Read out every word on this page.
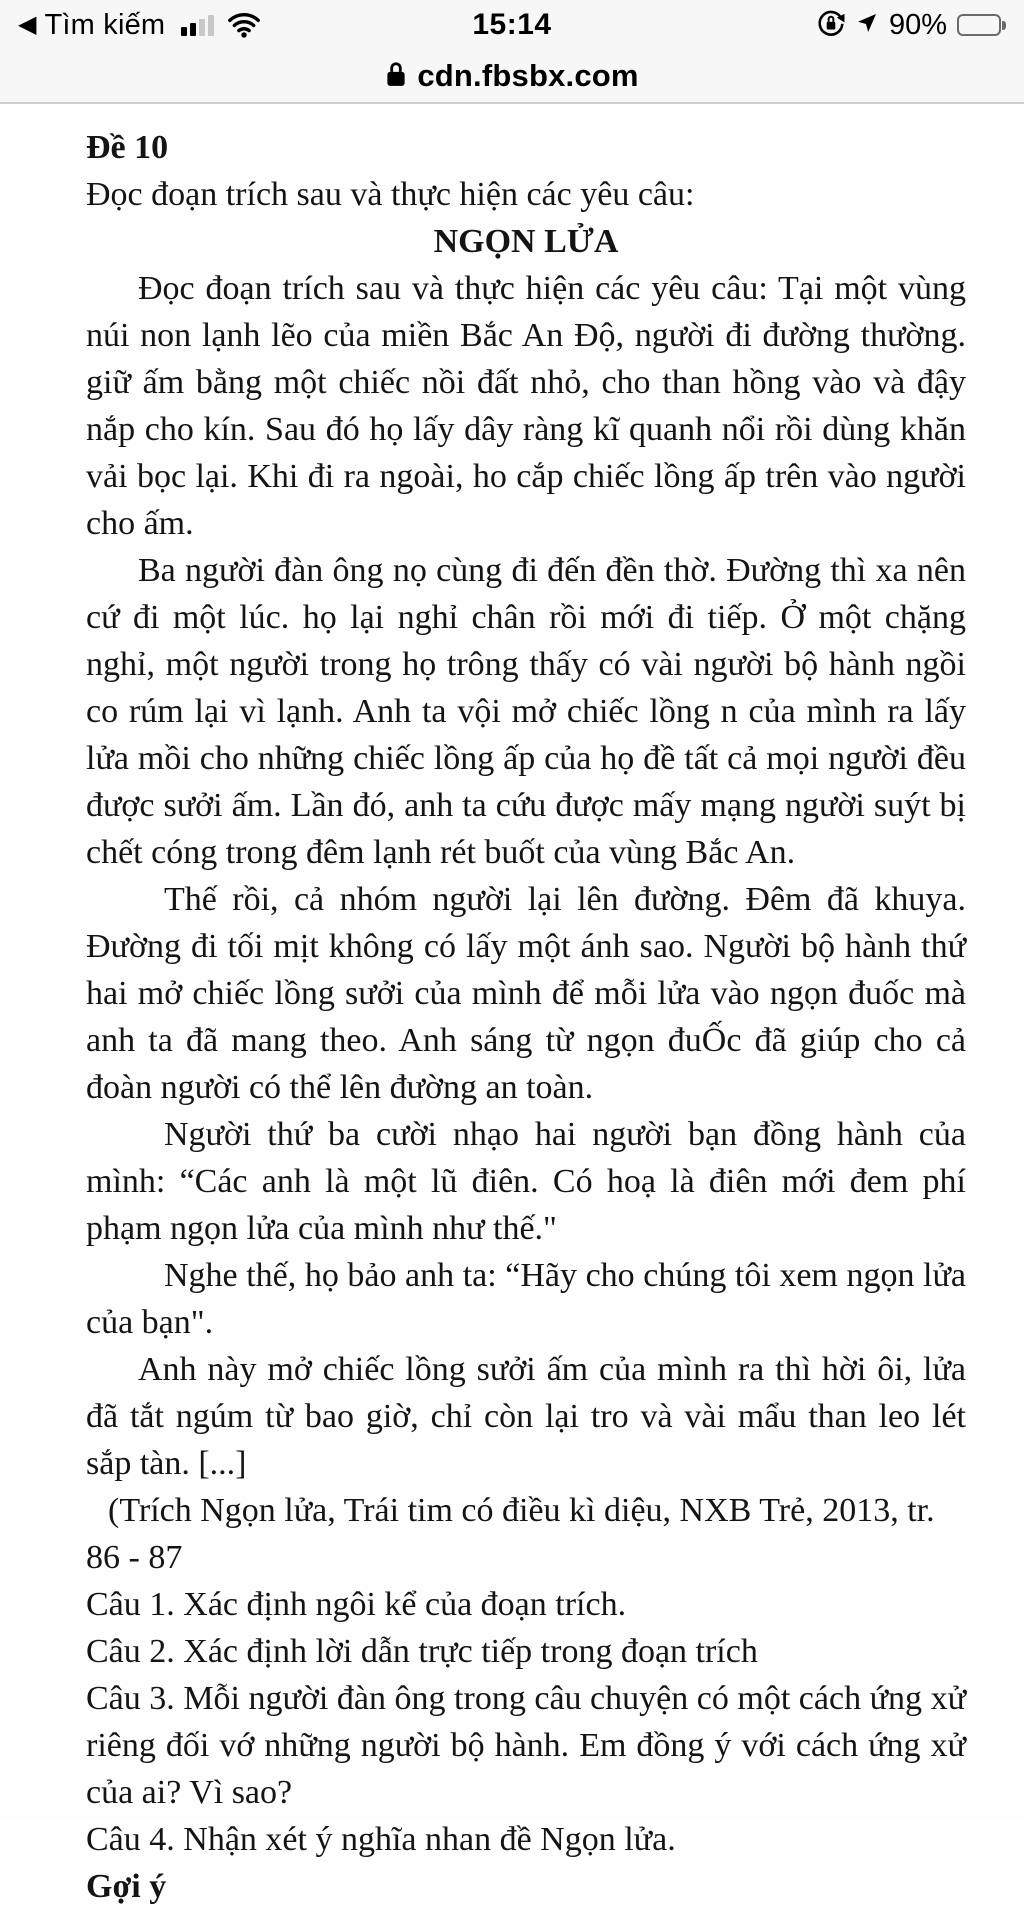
◀ Tìm kiếm	15:14	90%
cdn.fbsbx.com

Đề 10

Đọc đoạn trích sau và thực hiện các yêu câu:

NGỌN LỬA

Đọc đoạn trích sau và thực hiện các yêu câu: Tại một vùng núi non lạnh lẽo của miền Bắc An Độ, người đi đường thường. giữ ấm bằng một chiếc nồi đất nhỏ, cho than hồng vào và đậy nắp cho kín. Sau đó họ lấy dây ràng kĩ quanh nổi rồi dùng khăn vải bọc lại. Khi đi ra ngoài, ho cắp chiếc lồng ấp trên vào người cho ấm.

Ba người đàn ông nọ cùng đi đến đền thờ. Đường thì xa nên cứ đi một lúc. họ lại nghỉ chân rồi mới đi tiếp. Ở một chặng nghỉ, một người trong họ trông thấy có vài người bộ hành ngồi co rúm lại vì lạnh. Anh ta vội mở chiếc lồng n của mình ra lấy lửa mồi cho những chiếc lồng ấp của họ đề tất cả mọi người đều được sưởi ấm. Lần đó, anh ta cứu được mấy mạng người suýt bị chết cóng trong đêm lạnh rét buốt của vùng Bắc An.

Thế rồi, cả nhóm người lại lên đường. Đêm đã khuya. Đường đi tối mịt không có lấy một ánh sao. Người bộ hành thứ hai mở chiếc lồng sưởi của mình để mỗi lửa vào ngọn đuốc mà anh ta đã mang theo. Anh sáng từ ngọn đuỐc đã giúp cho cả đoàn người có thể lên đường an toàn.

Người thứ ba cười nhạo hai người bạn đồng hành của mình: “Các anh là một lũ điên. Có hoạ là điên mới đem phí phạm ngọn lửa của mình như thế."

Nghe thế, họ bảo anh ta: “Hãy cho chúng tôi xem ngọn lửa của bạn".

Anh này mở chiếc lồng sưởi ấm của mình ra thì hời ôi, lửa đã tắt ngúm từ bao giờ, chỉ còn lại tro và vài mẩu than leo lét sắp tàn. [...]

(Trích Ngọn lửa, Trái tim có điều kì diệu, NXB Trẻ, 2013, tr. 86 - 87

Câu 1. Xác định ngôi kể của đoạn trích.

Câu 2. Xác định lời dẫn trực tiếp trong đoạn trích

Câu 3. Mỗi người đàn ông trong câu chuyện có một cách ứng xử riêng đối vớ những người bộ hành. Em đồng ý với cách ứng xử của ai? Vì sao?

Câu 4. Nhận xét ý nghĩa nhan đề Ngọn lửa.

Gợi ý
